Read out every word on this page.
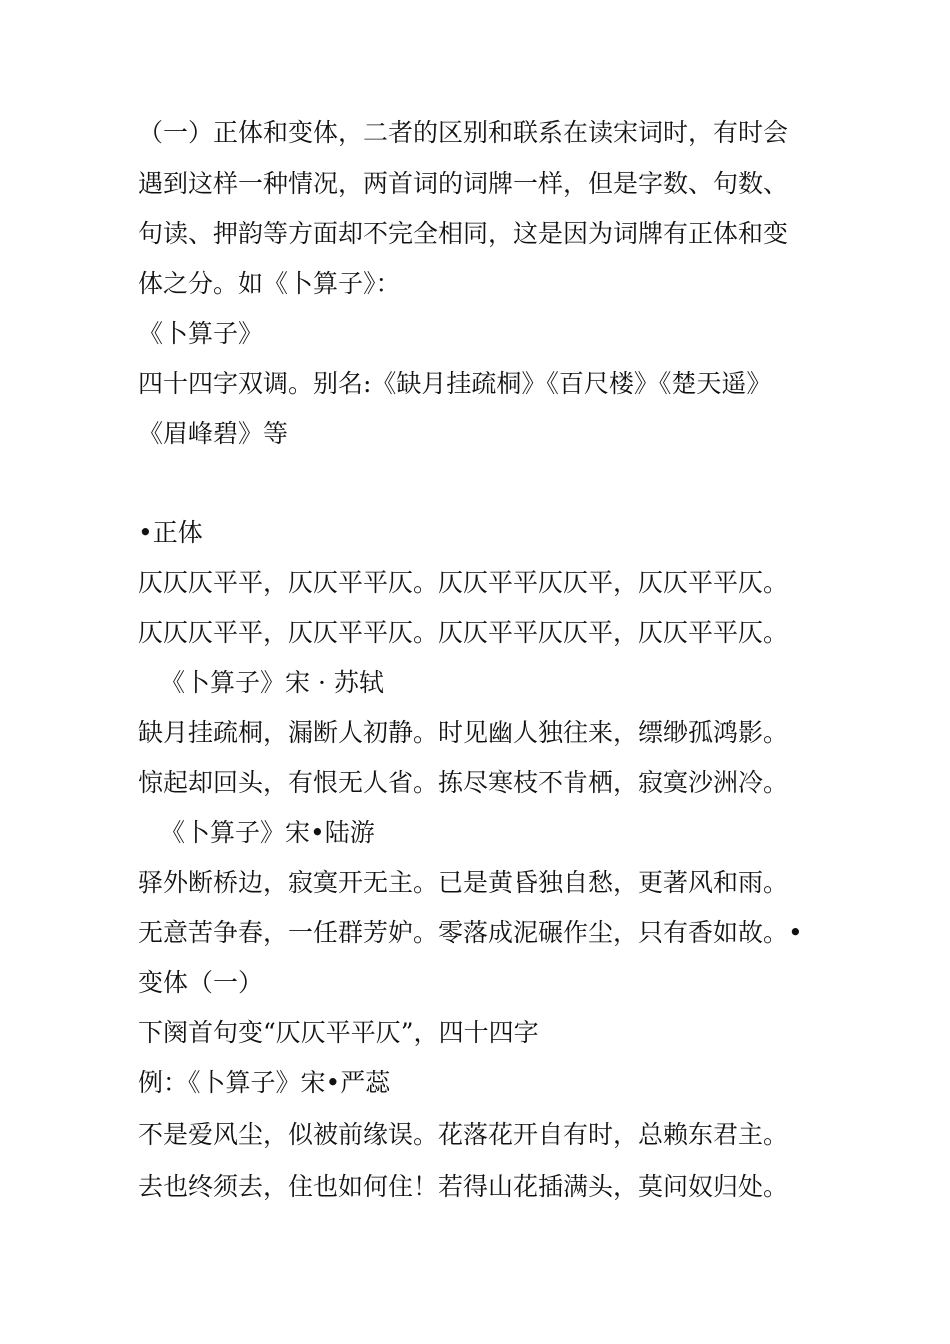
（一）正体和变体，二者的区别和联系在读宋词时，有时会
遇到这样一种情况，两首词的词牌一样，但是字数、句数、
句读、押韵等方面却不完全相同，这是因为词牌有正体和变
体之分。如《卜算子》：
《卜算子》
四十四字双调。别名:《缺月挂疏桐》《百尺楼》《楚天遥》
《眉峰碧》等
•正体
仄仄仄平平，仄仄平平仄。仄仄平平仄仄平，仄仄平平仄。
仄仄仄平平，仄仄平平仄。仄仄平平仄仄平，仄仄平平仄。
《卜算子》宋 · 苏轼
缺月挂疏桐，漏断人初静。时见幽人独往来，缥缈孤鸿影。
惊起却回头，有恨无人省。拣尽寒枝不肯栖，寂寞沙洲冷。
《卜算子》宋•陆游
驿外断桥边，寂寞开无主。已是黄昏独自愁，更著风和雨。
无意苦争春，一任群芳妒。零落成泥碾作尘，只有香如故。•
变体（一）
下阕首句变“仄仄平平仄”，四十四字
例：《卜算子》宋•严蕊
不是爱风尘，似被前缘误。花落花开自有时，总赖东君主。
去也终须去，住也如何住！若得山花插满头，莫问奴归处。
